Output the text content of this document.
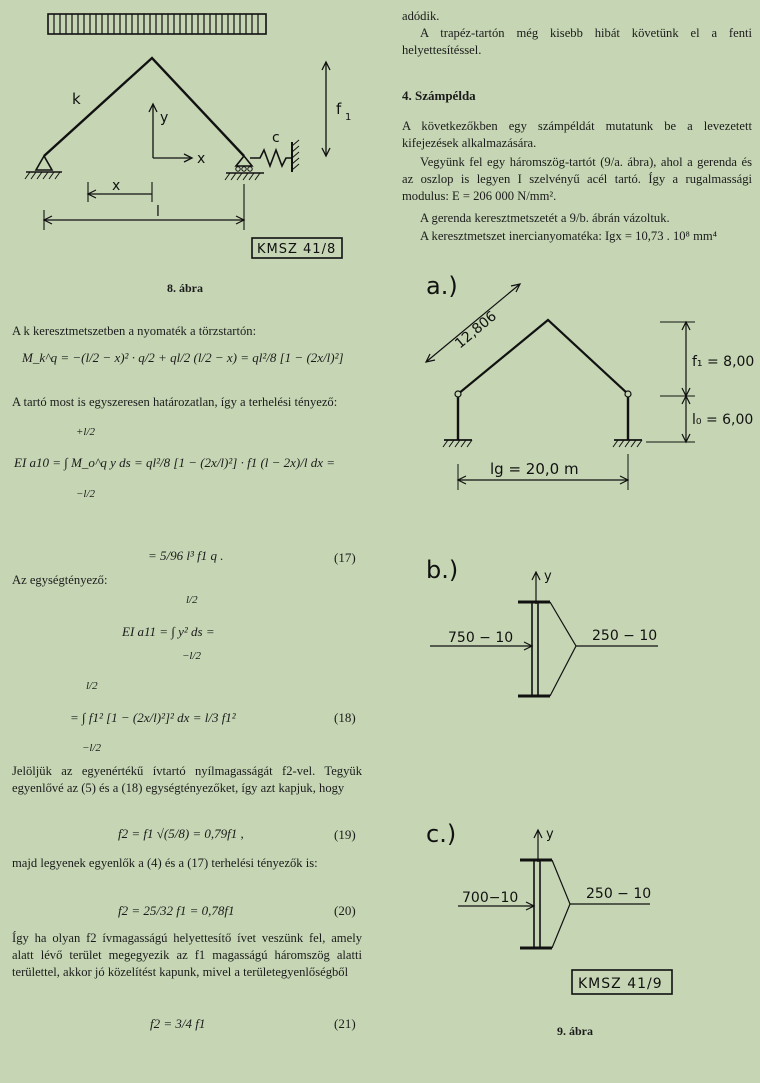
k
y
x
c
f 1
x
l
KMSZ 41/8
8. ábra
A k keresztmetszetben a nyomaték a törzstartón:
M_k^q = −(l/2 − x)² · q/2 + ql/2 (l/2 − x) = ql²/8 [1 − (2x/l)²]
A tartó most is egyszeresen határozatlan, így a terhelési tényező:
+l/2
−l/2
EI a10 = ∫ M_o^q y ds = ql²/8 [1 − (2x/l)²] · f1 (l − 2x)/l dx =
= 5/96 l³ f1 q .	(17)
Az egységtényező:
l/2
−l/2
EI a11 = ∫ y² ds =
l/2
−l/2
= ∫ f1² [1 − (2x/l)²]² dx = l/3 f1²	(18)
Jelöljük az egyenértékű ívtartó nyílmagasságát f2-vel. Tegyük egyenlővé az (5) és a (18) egységtényezőket, így azt kapjuk, hogy
f2 = f1 √(5/8) = 0,79f1 ,	(19)
majd legyenek egyenlők a (4) és a (17) terhelési tényezők is:
f2 = 25/32 f1 = 0,78f1	(20)
Így ha olyan f2 ívmagasságú helyettesítő ívet veszünk fel, amely alatt lévő terület megegyezik az f1 magasságú háromszög alatti területtel, akkor jó közelítést kapunk, mivel a területegyenlőségből
f2 = 3/4 f1	(21)
adódik.
A trapéz-tartón még kisebb hibát követünk el a fenti helyettesítéssel.
4. Számpélda
A következőkben egy számpéldát mutatunk be a levezetett kifejezések alkalmazására.
Vegyünk fel egy háromszög-tartót (9/a. ábra), ahol a gerenda és az oszlop is legyen I szelvényű acél tartó. Így a rugalmassági modulus: E = 206 000 N/mm².
A gerenda keresztmetszetét a 9/b. ábrán vázoltuk.
A keresztmetszet inercianyomatéka: Igx = 10,73 . 10⁸ mm⁴
a.)
12,806
f₁ = 8,00
l₀ = 6,00
lg = 20,0 m
b.)	y
750 − 10	250 − 10
c.)	y
700−10	250 − 10
KMSZ 41/9
9. ábra
